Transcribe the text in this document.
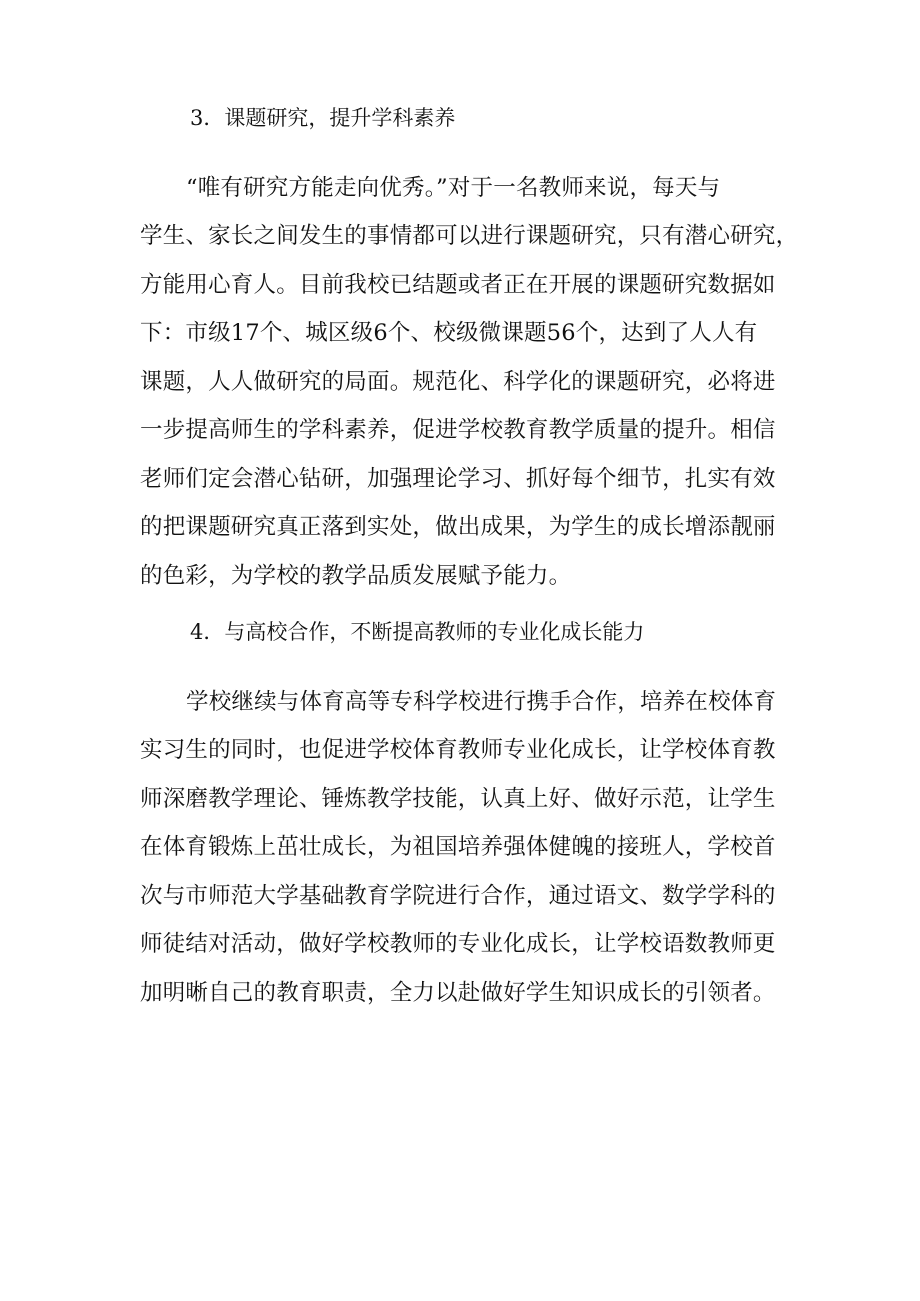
3．课题研究，提升学科素养
“唯有研究方能走向优秀。”对于一名教师来说，每天与
学生、家长之间发生的事情都可以进行课题研究，只有潜心研究，
方能用心育人。目前我校已结题或者正在开展的课题研究数据如
下：市级17个、城区级6个、校级微课题56个，达到了人人有
课题，人人做研究的局面。规范化、科学化的课题研究，必将进
一步提高师生的学科素养，促进学校教育教学质量的提升。相信
老师们定会潜心钻研，加强理论学习、抓好每个细节，扎实有效
的把课题研究真正落到实处，做出成果，为学生的成长增添靓丽
的色彩，为学校的教学品质发展赋予能力。
4．与高校合作，不断提高教师的专业化成长能力
学校继续与体育高等专科学校进行携手合作，培养在校体育
实习生的同时，也促进学校体育教师专业化成长，让学校体育教
师深磨教学理论、锤炼教学技能，认真上好、做好示范，让学生
在体育锻炼上茁壮成长，为祖国培养强体健魄的接班人，学校首
次与市师范大学基础教育学院进行合作，通过语文、数学学科的
师徒结对活动，做好学校教师的专业化成长，让学校语数教师更
加明晰自己的教育职责，全力以赴做好学生知识成长的引领者。
